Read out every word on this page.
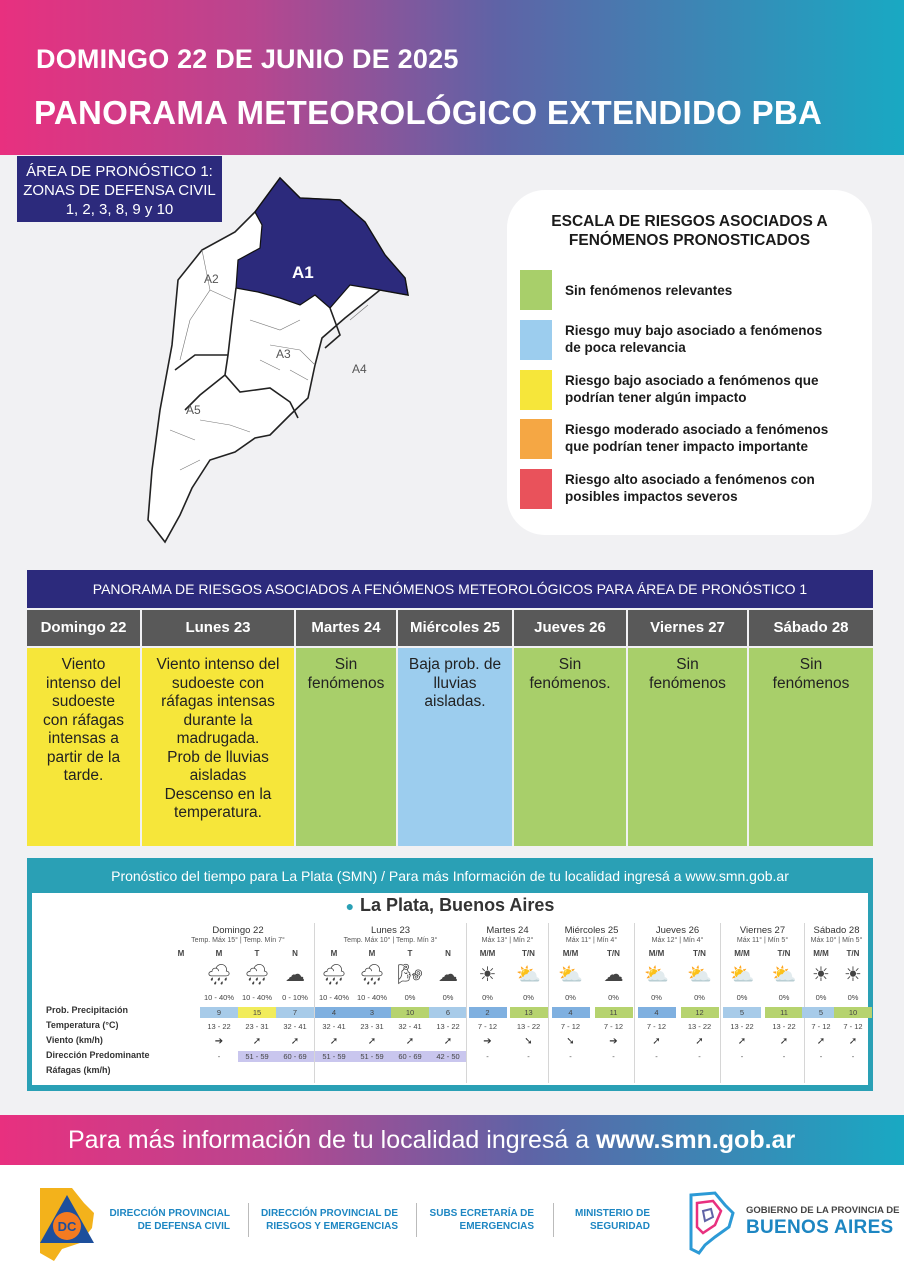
DOMINGO 22 DE JUNIO DE 2025
PANORAMA METEOROLÓGICO EXTENDIDO PBA
ÁREA DE PRONÓSTICO 1:
ZONAS DE DEFENSA CIVIL
1, 2, 3, 8, 9 y 10
A1
A2
A3
A4
A5
ESCALA DE RIESGOS ASOCIADOS A
FENÓMENOS PRONOSTICADOS
Sin fenómenos relevantes
Riesgo muy bajo asociado a fenómenos
de poca relevancia
Riesgo bajo asociado a fenómenos que
podrían tener algún impacto
Riesgo moderado asociado a fenómenos
que podrían tener impacto importante
Riesgo alto asociado a fenómenos con
posibles impactos severos
PANORAMA DE RIESGOS ASOCIADOS A FENÓMENOS METEOROLÓGICOS PARA ÁREA DE PRONÓSTICO 1
Domingo 22
Viento
intenso del
sudoeste
con ráfagas
intensas a
partir de la
tarde.
Lunes 23
Viento intenso del
sudoeste con
ráfagas intensas
durante la
madrugada.
Prob de lluvias
aisladas
Descenso en la
temperatura.
Martes 24
Sin
fenómenos
Miércoles 25
Baja prob. de
lluvias
aisladas.
Jueves 26
Sin
fenómenos.
Viernes 27
Sin
fenómenos
Sábado 28
Sin
fenómenos
Pronóstico del tiempo para La Plata (SMN) / Para más Información de tu localidad ingresá a www.smn.gob.ar
● La Plata, Buenos Aires
Prob. Precipitación
Temperatura (°C)
Viento (km/h)
Dirección Predominante
Ráfagas (km/h)
Domingo 22
Temp. Máx 15° | Temp. Mín 7°
M	M
🌧
10 - 40%
9
13 - 22
➔
-
T
🌧
10 - 40%
15
23 - 31
➚
51 - 59
N
☁
0 - 10%
7
32 - 41
➚
60 - 69
Lunes 23
Temp. Máx 10° | Temp. Mín 3°
M
🌧
10 - 40%
4
32 - 41
➚
51 - 59
M
🌧
10 - 40%
3
23 - 31
➚
51 - 59
T
🌬
0%
10
32 - 41
➚
60 - 69
N
☁
0%
6
13 - 22
➚
42 - 50
Martes 24
Máx 13° | Mín 2°
M/M
☀
0%
2
7 - 12
➔
-
T/N
⛅
0%
13
13 - 22
➘
-
Miércoles 25
Máx 11° | Mín 4°
M/M
⛅
0%
4
7 - 12
➘
-
T/N
☁
0%
11
7 - 12
➔
-
Jueves 26
Máx 12° | Mín 4°
M/M
⛅
0%
4
7 - 12
➚
-
T/N
⛅
0%
12
13 - 22
➚
-
Viernes 27
Máx 11° | Mín 5°
M/M
⛅
0%
5
13 - 22
➚
-
T/N
⛅
0%
11
13 - 22
➚
-
Sábado 28
Máx 10° | Mín 5°
M/M
☀
0%
5
7 - 12
➚
-
T/N
☀
0%
10
7 - 12
➚
-
Para más información de tu localidad ingresá a www.smn.gob.ar
DC
DIRECCIÓN PROVINCIAL
DE DEFENSA CIVIL
DIRECCIÓN PROVINCIAL DE
RIESGOS Y EMERGENCIAS
SUBS ECRETARÍA DE
EMERGENCIAS
MINISTERIO DE
SEGURIDAD
GOBIERNO DE LA PROVINCIA DE
BUENOS AIRES
